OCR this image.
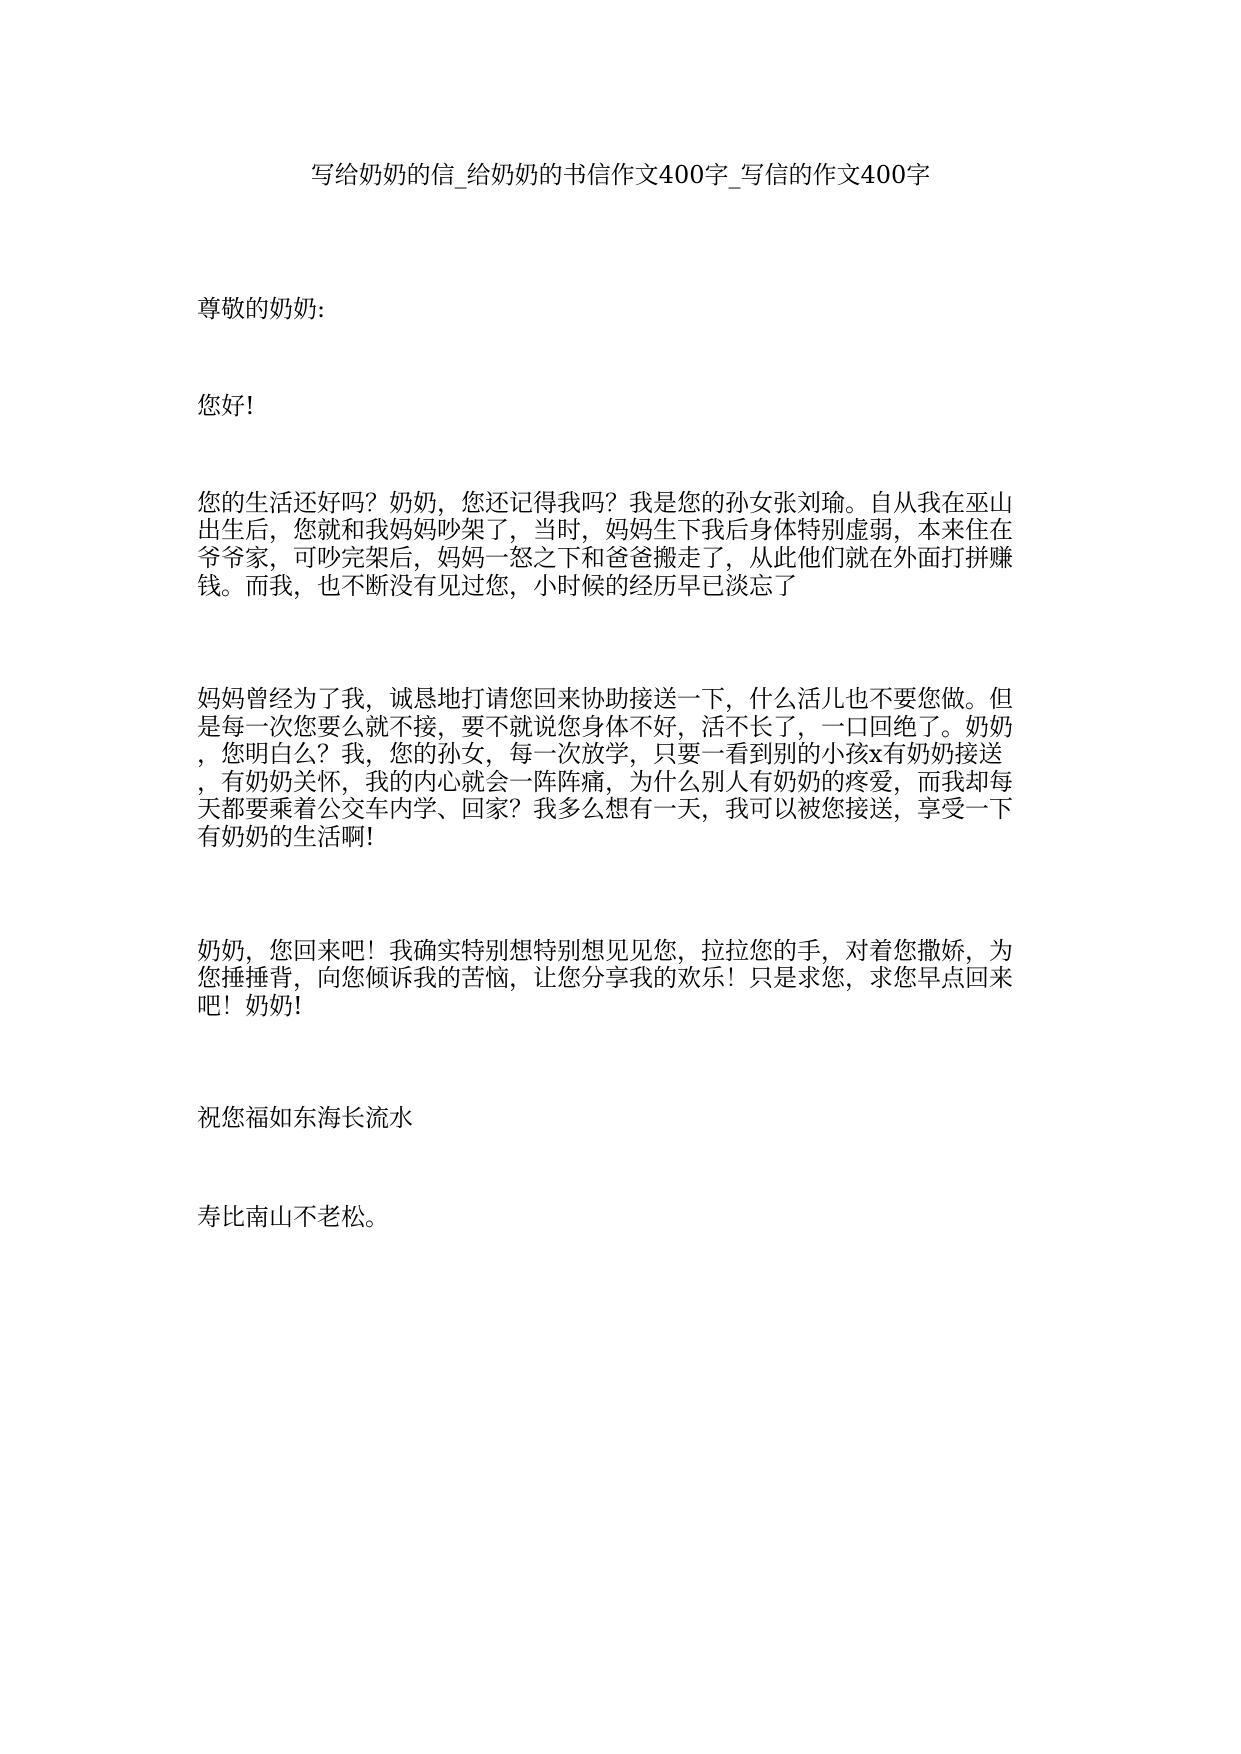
写给奶奶的信_给奶奶的书信作文400字_写信的作文400字
尊敬的奶奶:
您好!
您的生活还好吗？奶奶，您还记得我吗？我是您的孙女张刘瑜。自从我在巫山
出生后，您就和我妈妈吵架了，当时，妈妈生下我后身体特别虚弱，本来住在
爷爷家，可吵完架后，妈妈一怒之下和爸爸搬走了，从此他们就在外面打拼赚
钱。而我，也不断没有见过您，小时候的经历早已淡忘了
妈妈曾经为了我，诚恳地打请您回来协助接送一下，什么活儿也不要您做。但
是每一次您要么就不接，要不就说您身体不好，活不长了，一口回绝了。奶奶
，您明白么？我，您的孙女，每一次放学，只要一看到别的小孩x有奶奶接送
，有奶奶关怀，我的内心就会一阵阵痛，为什么别人有奶奶的疼爱，而我却每
天都要乘着公交车内学、回家？我多么想有一天，我可以被您接送，享受一下
有奶奶的生活啊!
奶奶，您回来吧！我确实特别想特别想见见您，拉拉您的手，对着您撒娇，为
您捶捶背，向您倾诉我的苦恼，让您分享我的欢乐！只是求您，求您早点回来
吧！奶奶!
祝您福如东海长流水
寿比南山不老松。
